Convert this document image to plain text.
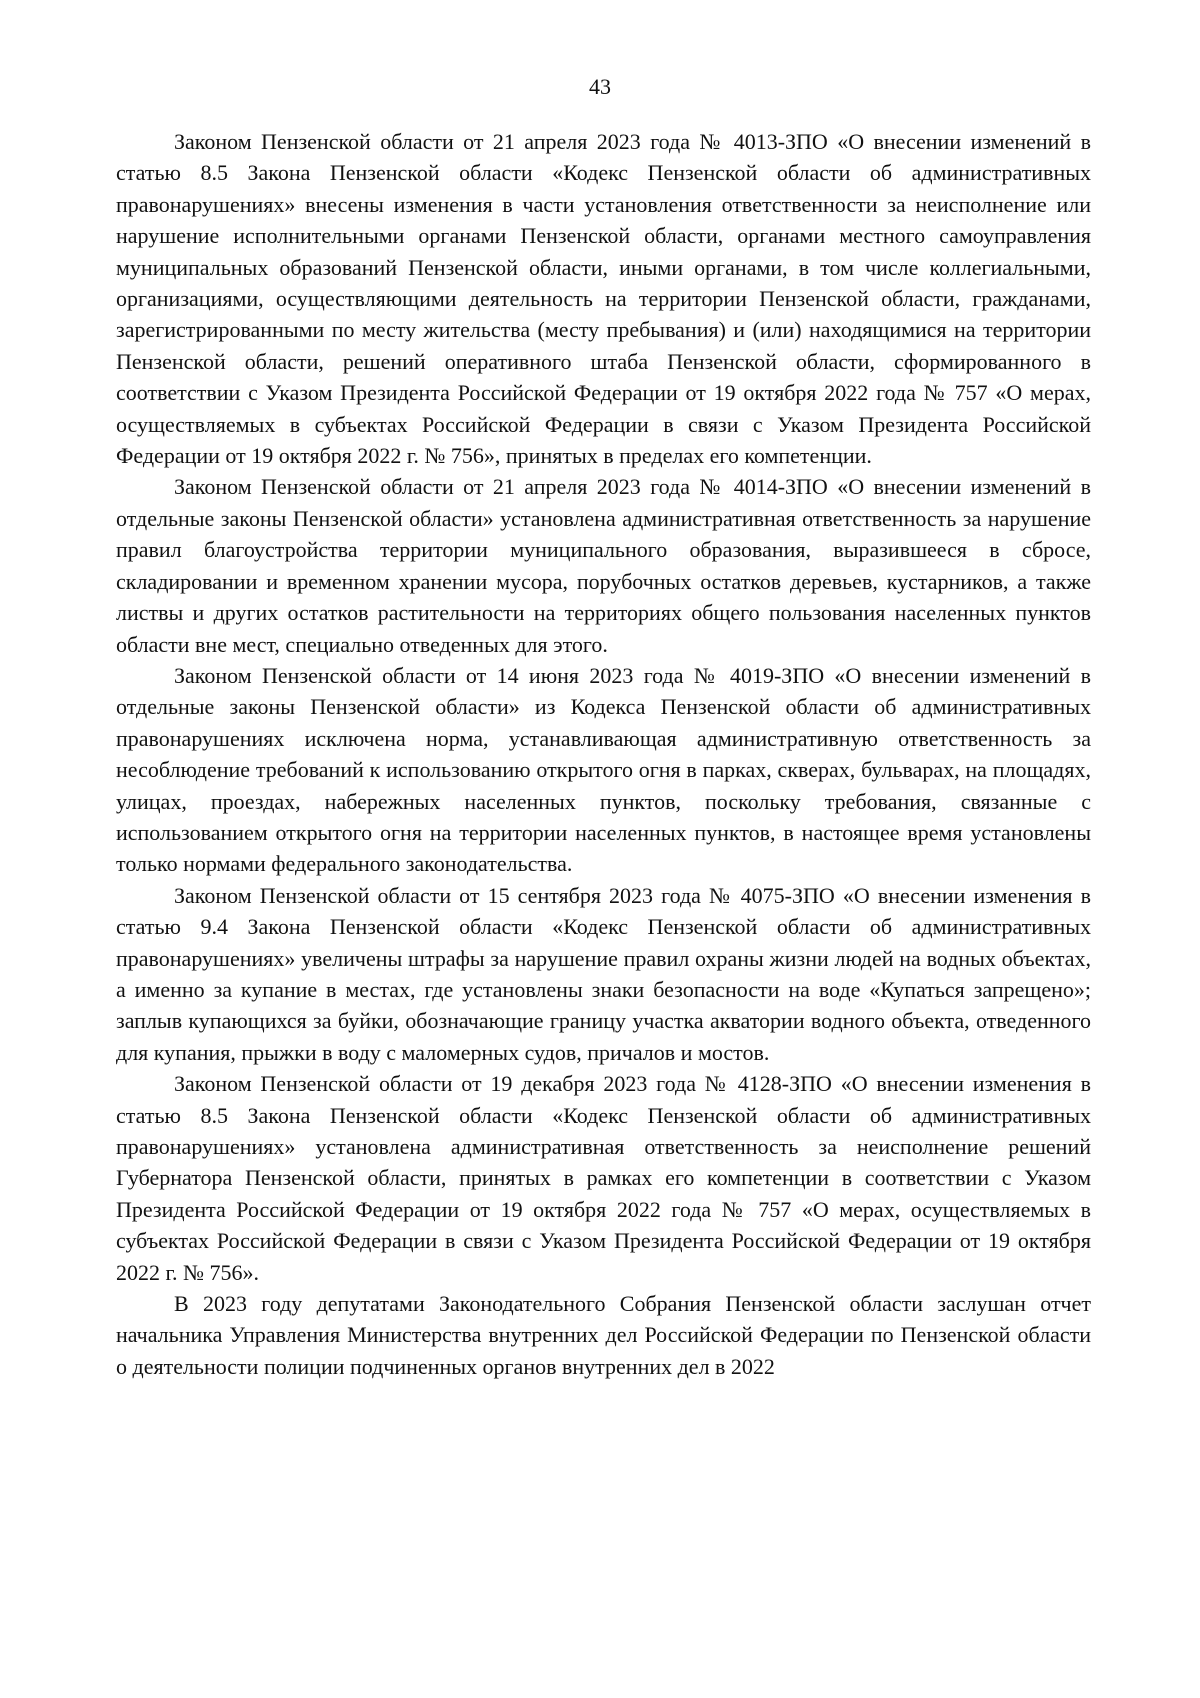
43

Законом Пензенской области от 21 апреля 2023 года № 4013-ЗПО «О внесении изменений в статью 8.5 Закона Пензенской области «Кодекс Пензенской области об административных правонарушениях» внесены изменения в части установления ответственности за неисполнение или нарушение исполнительными органами Пензенской области, органами местного самоуправления муниципальных образований Пензенской области, иными органами, в том числе коллегиальными, организациями, осуществляющими деятельность на территории Пензенской области, гражданами, зарегистрированными по месту жительства (месту пребывания) и (или) находящимися на территории Пензенской области, решений оперативного штаба Пензенской области, сформированного в соответствии с Указом Президента Российской Федерации от 19 октября 2022 года № 757 «О мерах, осуществляемых в субъектах Российской Федерации в связи с Указом Президента Российской Федерации от 19 октября 2022 г. № 756», принятых в пределах его компетенции.

Законом Пензенской области от 21 апреля 2023 года № 4014-ЗПО «О внесении изменений в отдельные законы Пензенской области» установлена административная ответственность за нарушение правил благоустройства территории муниципального образования, выразившееся в сбросе, складировании и временном хранении мусора, порубочных остатков деревьев, кустарников, а также листвы и других остатков растительности на территориях общего пользования населенных пунктов области вне мест, специально отведенных для этого.

Законом Пензенской области от 14 июня 2023 года № 4019-ЗПО «О внесении изменений в отдельные законы Пензенской области» из Кодекса Пензенской области об административных правонарушениях исключена норма, устанавливающая административную ответственность за несоблюдение требований к использованию открытого огня в парках, скверах, бульварах, на площадях, улицах, проездах, набережных населенных пунктов, поскольку требования, связанные с использованием открытого огня на территории населенных пунктов, в настоящее время установлены только нормами федерального законодательства.

Законом Пензенской области от 15 сентября 2023 года № 4075-ЗПО «О внесении изменения в статью 9.4 Закона Пензенской области «Кодекс Пензенской области об административных правонарушениях» увеличены штрафы за нарушение правил охраны жизни людей на водных объектах, а именно за купание в местах, где установлены знаки безопасности на воде «Купаться запрещено»; заплыв купающихся за буйки, обозначающие границу участка акватории водного объекта, отведенного для купания, прыжки в воду с маломерных судов, причалов и мостов.

Законом Пензенской области от 19 декабря 2023 года № 4128-ЗПО «О внесении изменения в статью 8.5 Закона Пензенской области «Кодекс Пензенской области об административных правонарушениях» установлена административная ответственность за неисполнение решений Губернатора Пензенской области, принятых в рамках его компетенции в соответствии с Указом Президента Российской Федерации от 19 октября 2022 года № 757 «О мерах, осуществляемых в субъектах Российской Федерации в связи с Указом Президента Российской Федерации от 19 октября 2022 г. № 756».

В 2023 году депутатами Законодательного Собрания Пензенской области заслушан отчет начальника Управления Министерства внутренних дел Российской Федерации по Пензенской области о деятельности полиции подчиненных органов внутренних дел в 2022
